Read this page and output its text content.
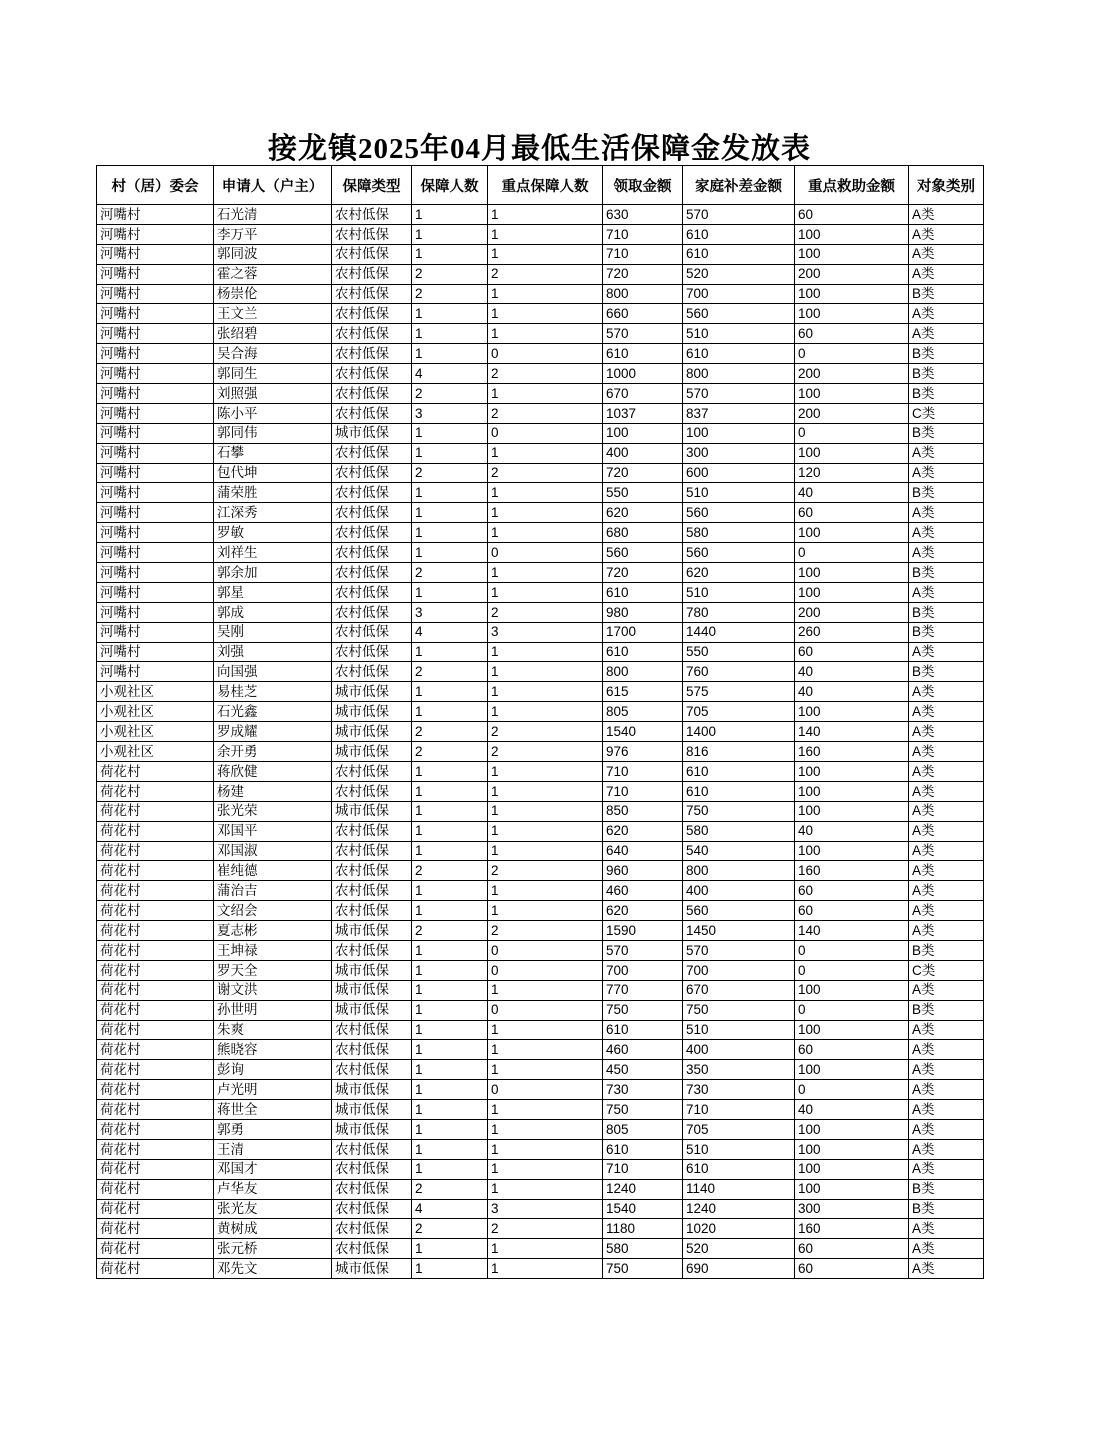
接龙镇2025年04月最低生活保障金发放表
村（居）委会	申请人（户主）	保障类型	保障人数	重点保障人数	领取金额	家庭补差金额	重点救助金额	对象类别
河嘴村	石光清	农村低保	1	1	630	570	60	A类
河嘴村	李万平	农村低保	1	1	710	610	100	A类
河嘴村	郭同波	农村低保	1	1	710	610	100	A类
河嘴村	霍之蓉	农村低保	2	2	720	520	200	A类
河嘴村	杨崇伦	农村低保	2	1	800	700	100	B类
河嘴村	王文兰	农村低保	1	1	660	560	100	A类
河嘴村	张绍碧	农村低保	1	1	570	510	60	A类
河嘴村	吴合海	农村低保	1	0	610	610	0	B类
河嘴村	郭同生	农村低保	4	2	1000	800	200	B类
河嘴村	刘照强	农村低保	2	1	670	570	100	B类
河嘴村	陈小平	农村低保	3	2	1037	837	200	C类
河嘴村	郭同伟	城市低保	1	0	100	100	0	B类
河嘴村	石攀	农村低保	1	1	400	300	100	A类
河嘴村	包代坤	农村低保	2	2	720	600	120	A类
河嘴村	蒲荣胜	农村低保	1	1	550	510	40	B类
河嘴村	江深秀	农村低保	1	1	620	560	60	A类
河嘴村	罗敏	农村低保	1	1	680	580	100	A类
河嘴村	刘祥生	农村低保	1	0	560	560	0	A类
河嘴村	郭余加	农村低保	2	1	720	620	100	B类
河嘴村	郭星	农村低保	1	1	610	510	100	A类
河嘴村	郭成	农村低保	3	2	980	780	200	B类
河嘴村	吴刚	农村低保	4	3	1700	1440	260	B类
河嘴村	刘强	农村低保	1	1	610	550	60	A类
河嘴村	向国强	农村低保	2	1	800	760	40	B类
小观社区	易桂芝	城市低保	1	1	615	575	40	A类
小观社区	石光鑫	城市低保	1	1	805	705	100	A类
小观社区	罗成耀	城市低保	2	2	1540	1400	140	A类
小观社区	余开勇	城市低保	2	2	976	816	160	A类
荷花村	蒋欣健	农村低保	1	1	710	610	100	A类
荷花村	杨建	农村低保	1	1	710	610	100	A类
荷花村	张光荣	城市低保	1	1	850	750	100	A类
荷花村	邓国平	农村低保	1	1	620	580	40	A类
荷花村	邓国淑	农村低保	1	1	640	540	100	A类
荷花村	崔纯德	农村低保	2	2	960	800	160	A类
荷花村	蒲治吉	农村低保	1	1	460	400	60	A类
荷花村	文绍会	农村低保	1	1	620	560	60	A类
荷花村	夏志彬	城市低保	2	2	1590	1450	140	A类
荷花村	王坤禄	农村低保	1	0	570	570	0	B类
荷花村	罗天全	城市低保	1	0	700	700	0	C类
荷花村	谢文洪	城市低保	1	1	770	670	100	A类
荷花村	孙世明	城市低保	1	0	750	750	0	B类
荷花村	朱爽	农村低保	1	1	610	510	100	A类
荷花村	熊晓容	农村低保	1	1	460	400	60	A类
荷花村	彭询	农村低保	1	1	450	350	100	A类
荷花村	卢光明	城市低保	1	0	730	730	0	A类
荷花村	蒋世全	城市低保	1	1	750	710	40	A类
荷花村	郭勇	城市低保	1	1	805	705	100	A类
荷花村	王清	农村低保	1	1	610	510	100	A类
荷花村	邓国才	农村低保	1	1	710	610	100	A类
荷花村	卢华友	农村低保	2	1	1240	1140	100	B类
荷花村	张光友	农村低保	4	3	1540	1240	300	B类
荷花村	黄树成	农村低保	2	2	1180	1020	160	A类
荷花村	张元桥	农村低保	1	1	580	520	60	A类
荷花村	邓先文	城市低保	1	1	750	690	60	A类
